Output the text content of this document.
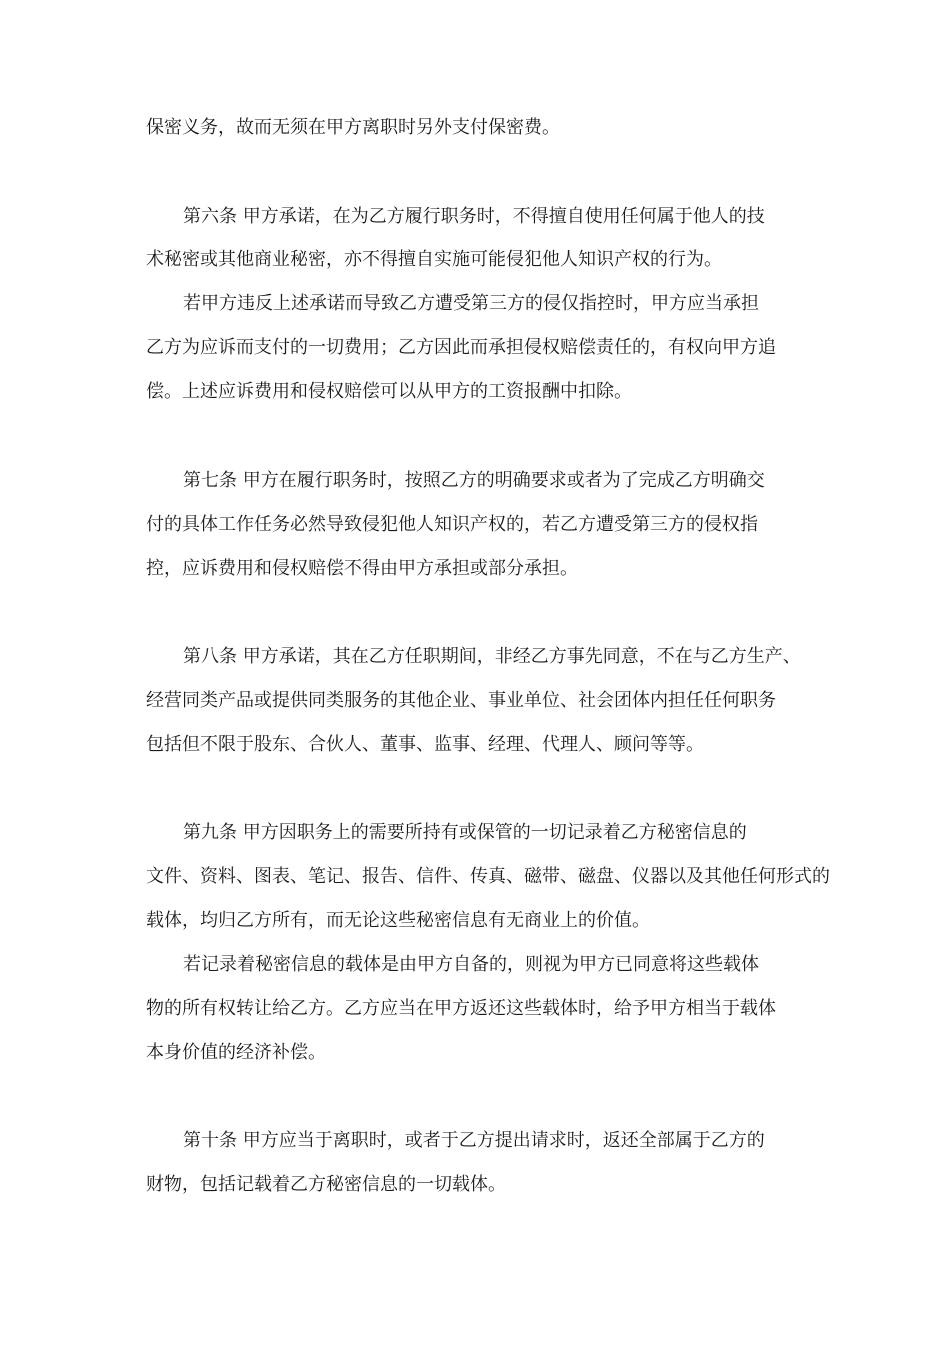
保密义务，故而无须在甲方离职时另外支付保密费。

第六条 甲方承诺，在为乙方履行职务时，不得擅自使用任何属于他人的技

术秘密或其他商业秘密，亦不得擅自实施可能侵犯他人知识产权的行为。

若甲方违反上述承诺而导致乙方遭受第三方的侵仅指控时，甲方应当承担

乙方为应诉而支付的一切费用；乙方因此而承担侵权赔偿责任的，有权向甲方追

偿。上述应诉费用和侵权赔偿可以从甲方的工资报酬中扣除。

第七条 甲方在履行职务时，按照乙方的明确要求或者为了完成乙方明确交

付的具体工作任务必然导致侵犯他人知识产权的，若乙方遭受第三方的侵权指

控，应诉费用和侵权赔偿不得由甲方承担或部分承担。

第八条 甲方承诺，其在乙方任职期间，非经乙方事先同意，不在与乙方生产、

经营同类产品或提供同类服务的其他企业、事业单位、社会团体内担任任何职务

包括但不限于股东、合伙人、董事、监事、经理、代理人、顾问等等。

第九条 甲方因职务上的需要所持有或保管的一切记录着乙方秘密信息的

文件、资料、图表、笔记、报告、信件、传真、磁带、磁盘、仪器以及其他任何形式的

载体，均归乙方所有，而无论这些秘密信息有无商业上的价值。

若记录着秘密信息的载体是由甲方自备的，则视为甲方已同意将这些载体

物的所有权转让给乙方。乙方应当在甲方返还这些载体时，给予甲方相当于载体

本身价值的经济补偿。

第十条 甲方应当于离职时，或者于乙方提出请求时，返还全部属于乙方的

财物，包括记载着乙方秘密信息的一切载体。
